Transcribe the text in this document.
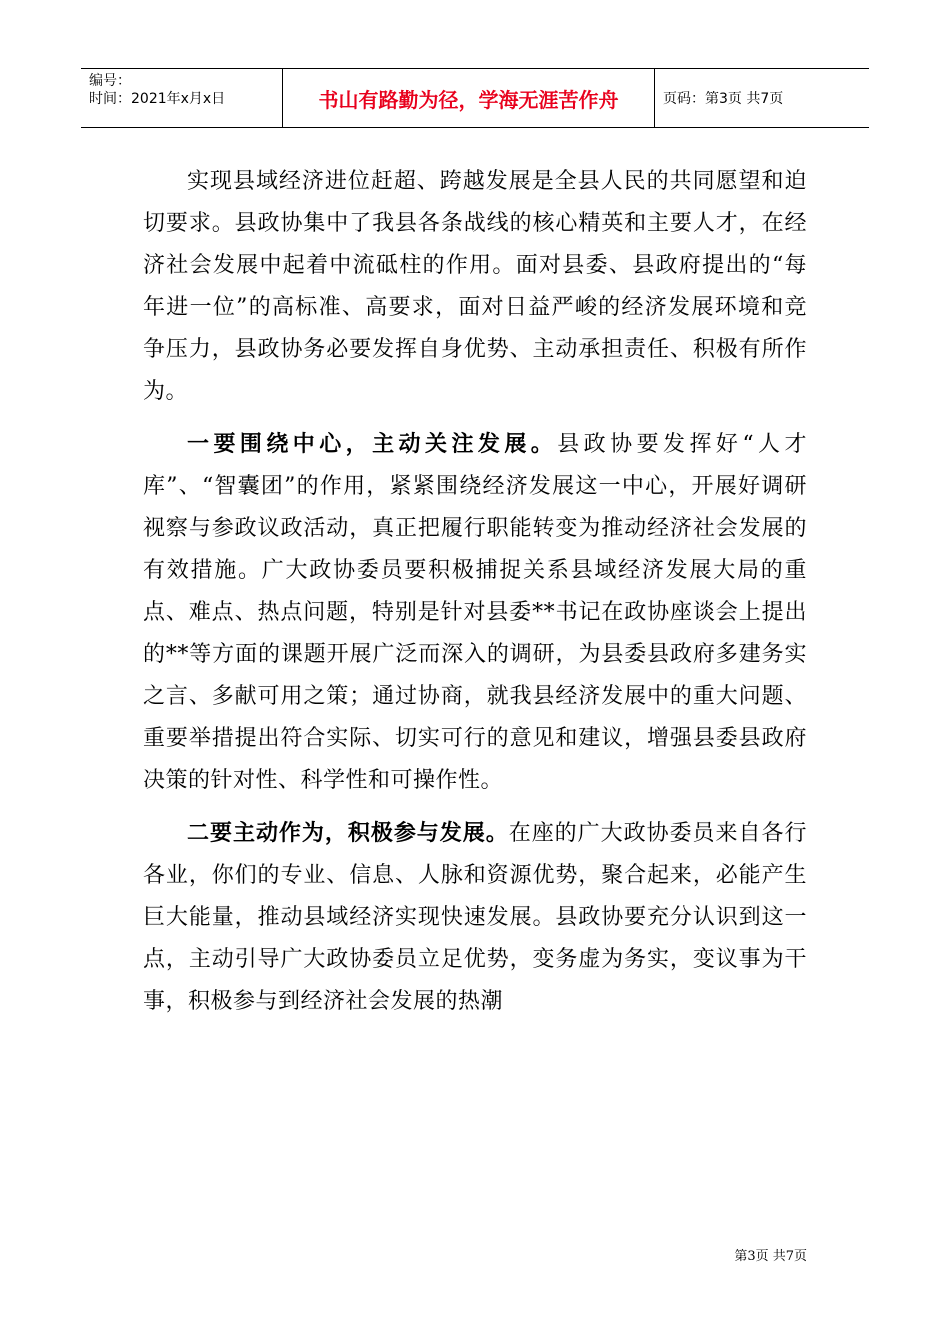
编号：
时间：2021年x月x日	书山有路勤为径，学海无涯苦作舟	页码：第3页 共7页

实现县域经济进位赶超、跨越发展是全县人民的共同愿望和迫切要求。县政协集中了我县各条战线的核心精英和主要人才，在经济社会发展中起着中流砥柱的作用。面对县委、县政府提出的“每年进一位”的高标准、高要求，面对日益严峻的经济发展环境和竞争压力，县政协务必要发挥自身优势、主动承担责任、积极有所作为。

一要围绕中心，主动关注发展。县政协要发挥好“人才库”、“智囊团”的作用，紧紧围绕经济发展这一中心，开展好调研视察与参政议政活动，真正把履行职能转变为推动经济社会发展的有效措施。广大政协委员要积极捕捉关系县域经济发展大局的重点、难点、热点问题，特别是针对县委**书记在政协座谈会上提出的**等方面的课题开展广泛而深入的调研，为县委县政府多建务实之言、多献可用之策；通过协商，就我县经济发展中的重大问题、重要举措提出符合实际、切实可行的意见和建议，增强县委县政府决策的针对性、科学性和可操作性。

二要主动作为，积极参与发展。在座的广大政协委员来自各行各业，你们的专业、信息、人脉和资源优势，聚合起来，必能产生巨大能量，推动县域经济实现快速发展。县政协要充分认识到这一点，主动引导广大政协委员立足优势，变务虚为务实，变议事为干事，积极参与到经济社会发展的热潮

第3页 共7页
